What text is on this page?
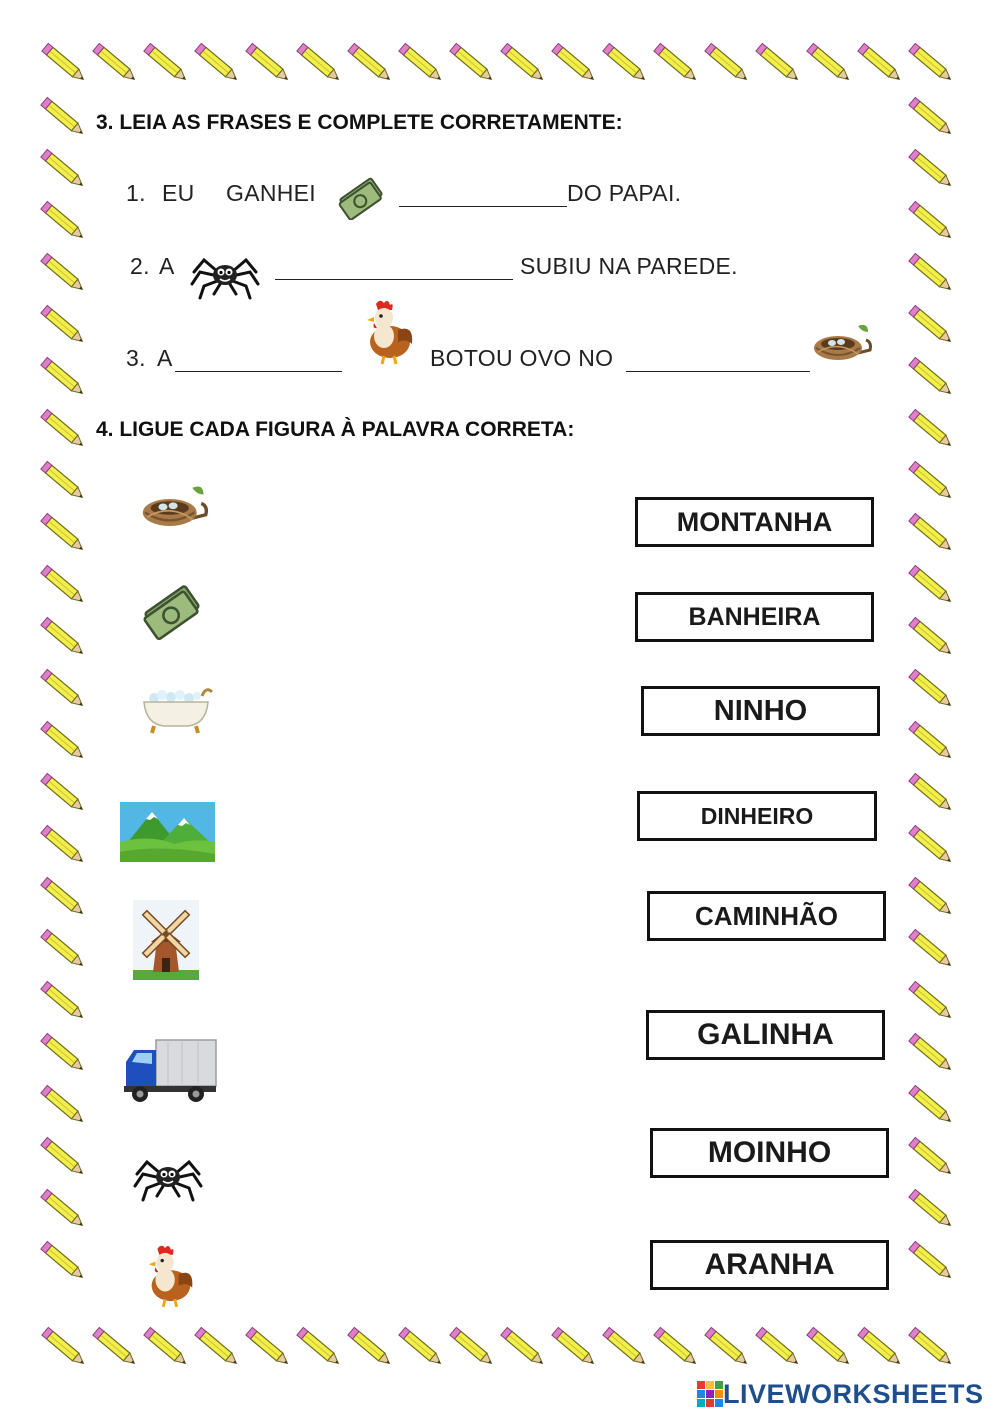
3. LEIA AS FRASES E COMPLETE CORRETAMENTE:
1. EU GANHEI	DO PAPAI.
2. A	SUBIU NA PAREDE.
3. A	BOTOU OVO NO
4. LIGUE CADA FIGURA À PALAVRA CORRETA:
MONTANHA
BANHEIRA
NINHO
DINHEIRO
CAMINHÃO
GALINHA
MOINHO
ARANHA
LIVEWORKSHEETS
